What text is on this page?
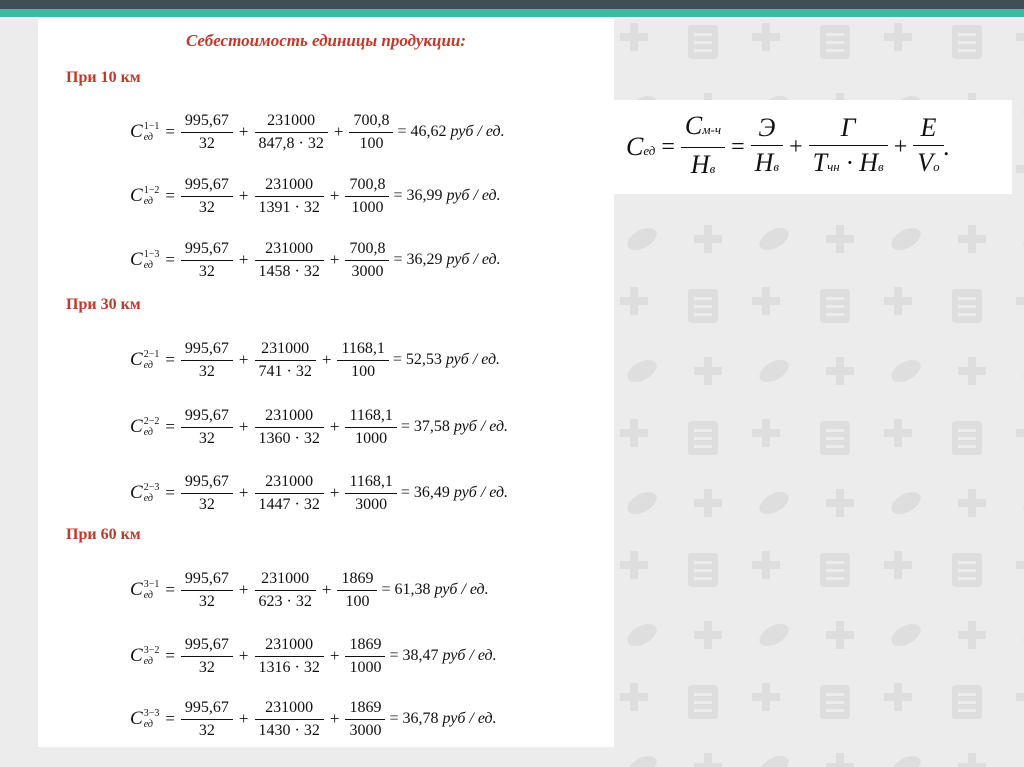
Себестоимость единицы продукции:
При 10 км
При 30 км
При 60 км
C 1−1
ед = $\frac{995,67}{32} + \frac{231000}{847,8 \cdot 32} + \frac{700,8}{100} = 46,62$ руб / ед.
C 1−2
ед = $\frac{995,67}{32} + \frac{231000}{1391 \cdot 32} + \frac{700,8}{1000} = 36,99$ руб / ед.
C 1−3
ед = $\frac{995,67}{32} + \frac{231000}{1458 \cdot 32} + \frac{700,8}{3000} = 36,29$ руб / ед.
C 2−1
ед = $\frac{995,67}{32} + \frac{231000}{741 \cdot 32} + \frac{1168,1}{100} = 52,53$ руб / ед.
C 2−2
ед = $\frac{995,67}{32} + \frac{231000}{1360 \cdot 32} + \frac{1168,1}{1000} = 37,58$ руб / ед.
C 2−3
ед = $\frac{995,67}{32} + \frac{231000}{1447 \cdot 32} + \frac{1168,1}{3000} = 36,49$ руб / ед.
C 3−1
ед = $\frac{995,67}{32} + \frac{231000}{623 \cdot 32} + \frac{1869}{100} = 61,38$ руб / ед.
C 3−2
ед = $\frac{995,67}{32} + \frac{231000}{1316 \cdot 32} + \frac{1869}{1000} = 38,47$ руб / ед.
C 3−3
ед = $\frac{995,67}{32} + \frac{231000}{1430 \cdot 32} + \frac{1869}{3000} = 36,78$ руб / ед.
Cед = $\frac{Cм-ч}{Нв} = \frac{Э}{Нв} + \frac{Г}{\text{Тчн · Нв}} + \frac{Е}{Vо}$ .
